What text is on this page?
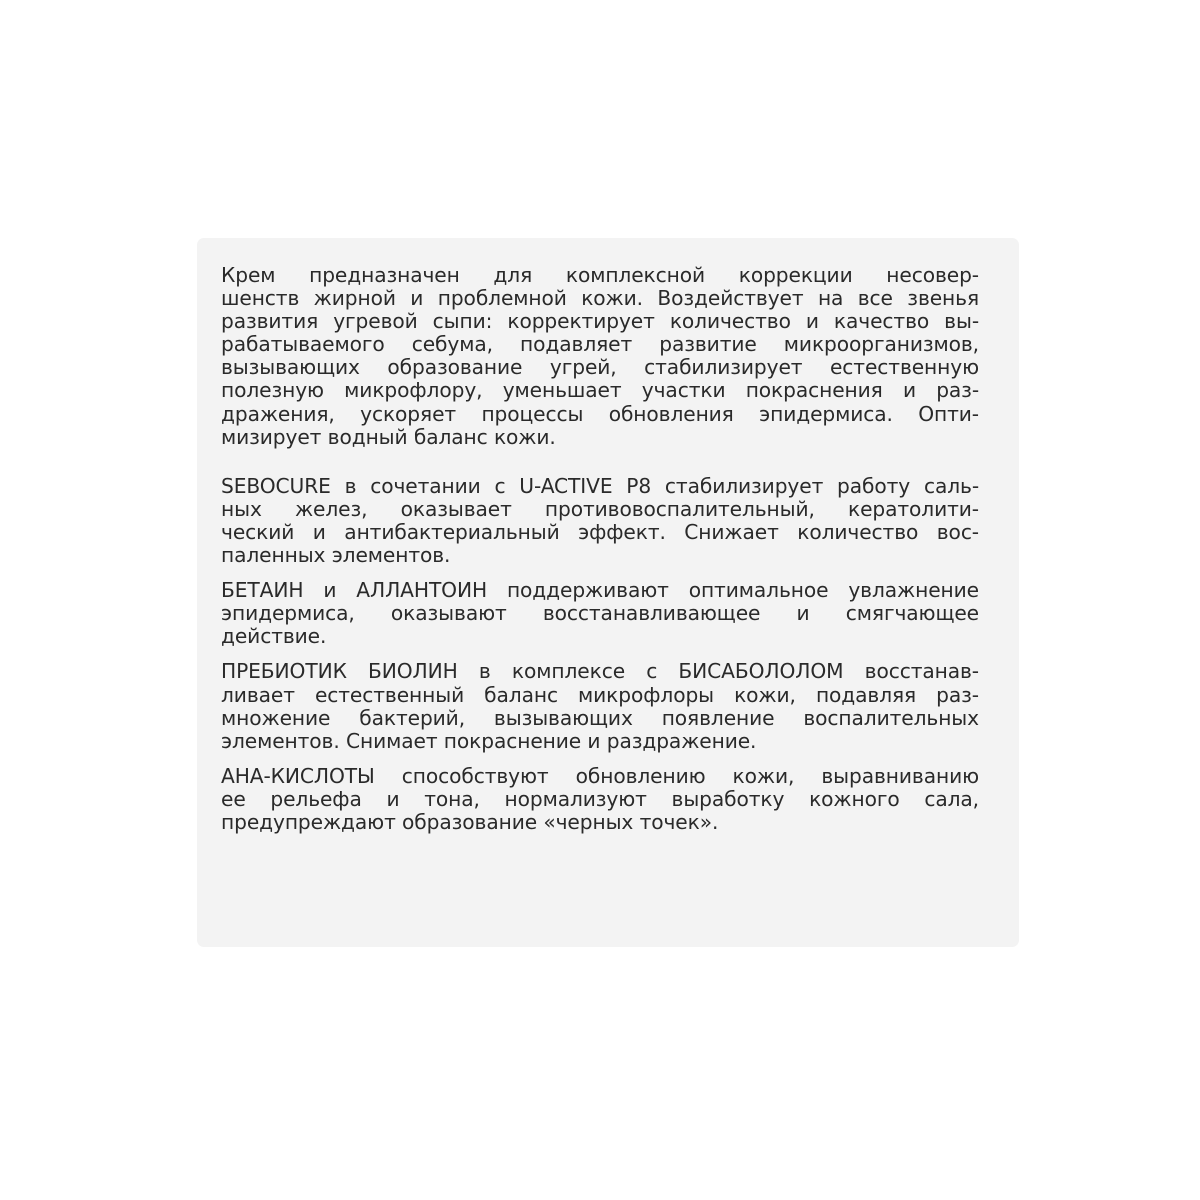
Крем предназначен для комплексной коррекции несовер-
шенств жирной и проблемной кожи. Воздействует на все звенья
развития угревой сыпи: корректирует количество и качество вы-
рабатываемого себума, подавляет развитие микроорганизмов,
вызывающих образование угрей, стабилизирует естественную
полезную микрофлору, уменьшает участки покраснения и раз-
дражения, ускоряет процессы обновления эпидермиса. Опти-
мизирует водный баланс кожи.

SEBOCURE в сочетании с U-ACTIVE P8 стабилизирует работу саль-
ных желез, оказывает противовоспалительный, кератолити-
ческий и антибактериальный эффект. Снижает количество вос-
паленных элементов.

БЕТАИН и АЛЛАНТОИН поддерживают оптимальное увлажнение
эпидермиса, оказывают восстанавливающее и смягчающее
действие.

ПРЕБИОТИК БИОЛИН в комплексе с БИСАБОЛОЛОМ восстанав-
ливает естественный баланс микрофлоры кожи, подавляя раз-
множение бактерий, вызывающих появление воспалительных
элементов. Снимает покраснение и раздражение.

АНА-КИСЛОТЫ способствуют обновлению кожи, выравниванию
ее рельефа и тона, нормализуют выработку кожного сала,
предупреждают образование «черных точек».
